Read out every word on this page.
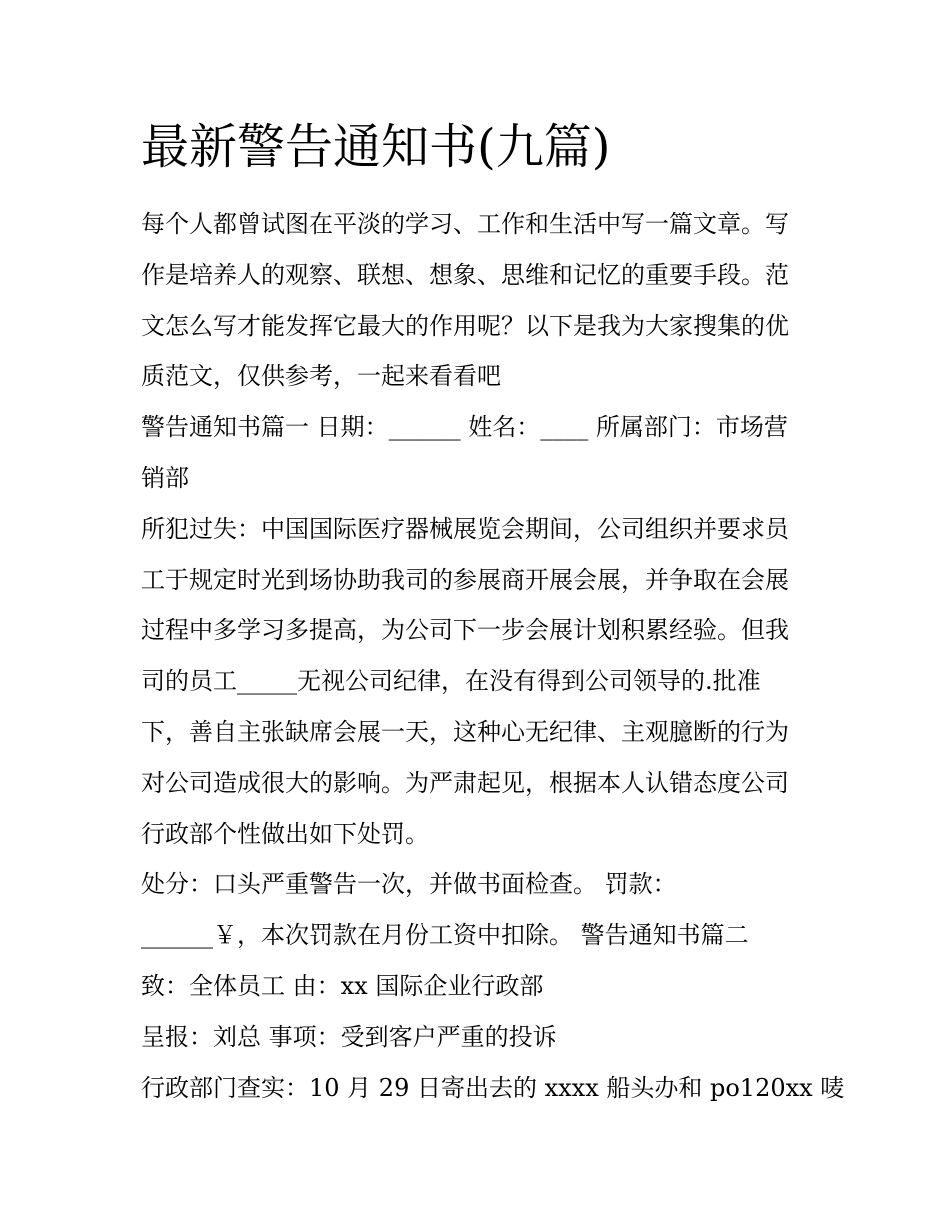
最新警告通知书(九篇)
每个人都曾试图在平淡的学习、工作和生活中写一篇文章。写
作是培养人的观察、联想、想象、思维和记忆的重要手段。范
文怎么写才能发挥它最大的作用呢？以下是我为大家搜集的优
质范文，仅供参考，一起来看看吧
警告通知书篇一 日期：______ 姓名：____ 所属部门：市场营
销部
所犯过失：中国国际医疗器械展览会期间，公司组织并要求员
工于规定时光到场协助我司的参展商开展会展，并争取在会展
过程中多学习多提高，为公司下一步会展计划积累经验。但我
司的员工_____无视公司纪律，在没有得到公司领导的.批准
下，善自主张缺席会展一天，这种心无纪律、主观臆断的行为
对公司造成很大的影响。为严肃起见，根据本人认错态度公司
行政部个性做出如下处罚。
处分：口头严重警告一次，并做书面检查。 罚款：
______￥，本次罚款在月份工资中扣除。 警告通知书篇二
致：全体员工 由：xx 国际企业行政部
呈报：刘总 事项：受到客户严重的投诉
行政部门查实：10 月 29 日寄出去的 xxxx 船头办和 po120xx 唛
